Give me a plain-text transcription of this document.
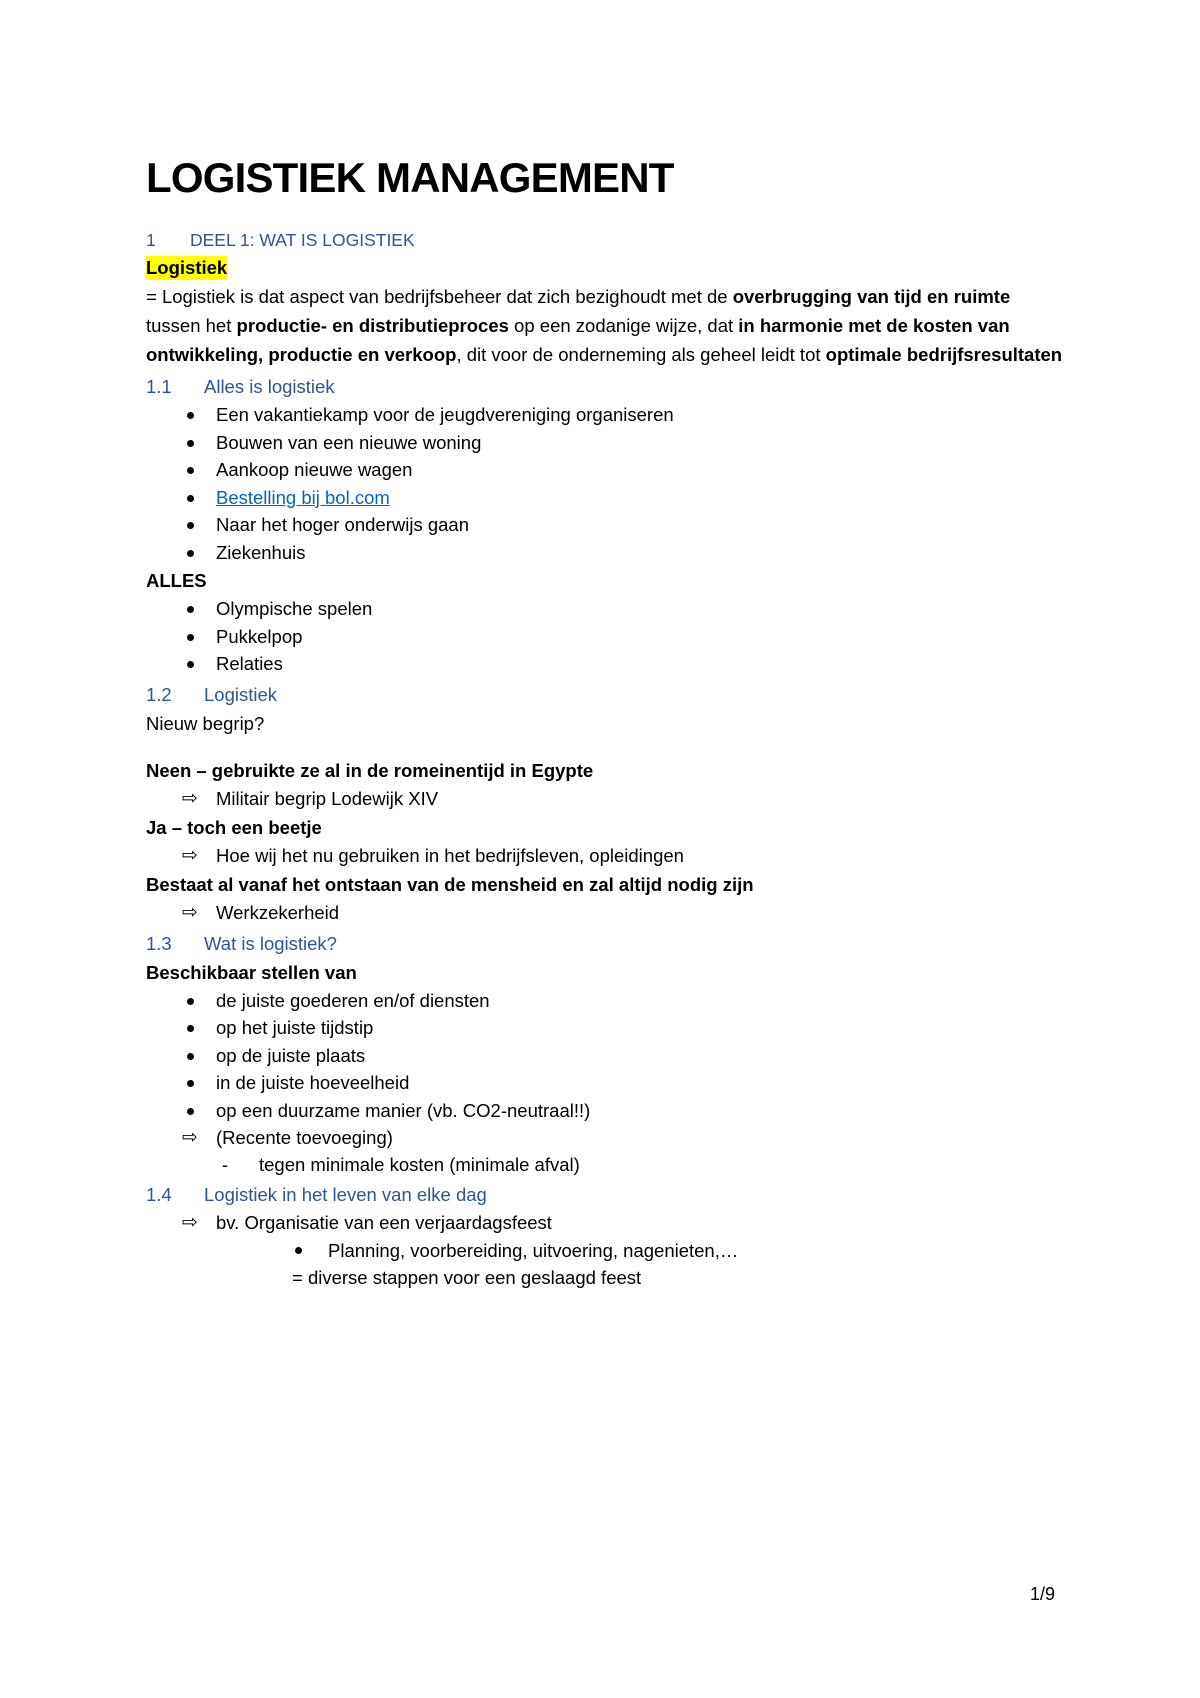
LOGISTIEK MANAGEMENT
1	DEEL 1: WAT IS LOGISTIEK
Logistiek
= Logistiek is dat aspect van bedrijfsbeheer dat zich bezighoudt met de overbrugging van tijd en ruimte tussen het productie- en distributieproces op een zodanige wijze, dat in harmonie met de kosten van ontwikkeling, productie en verkoop, dit voor de onderneming als geheel leidt tot optimale bedrijfsresultaten
1.1	Alles is logistiek
Een vakantiekamp voor de jeugdvereniging organiseren
Bouwen van een nieuwe woning
Aankoop nieuwe wagen
Bestelling bij bol.com
Naar het hoger onderwijs gaan
Ziekenhuis
ALLES
Olympische spelen
Pukkelpop
Relaties
1.2	Logistiek
Nieuw begrip?
Neen – gebruikte ze al in de romeinentijd in Egypte
⇨ Militair begrip Lodewijk XIV
Ja – toch een beetje
⇨ Hoe wij het nu gebruiken in het bedrijfsleven, opleidingen
Bestaat al vanaf het ontstaan van de mensheid en zal altijd nodig zijn
⇨ Werkzekerheid
1.3	Wat is logistiek?
Beschikbaar stellen van
de juiste goederen en/of diensten
op het juiste tijdstip
op de juiste plaats
in de juiste hoeveelheid
op een duurzame manier (vb. CO2-neutraal!!)
⇨ (Recente toevoeging)
- tegen minimale kosten (minimale afval)
1.4	Logistiek in het leven van elke dag
⇨ bv. Organisatie van een verjaardagsfeest
Planning, voorbereiding, uitvoering, nagenieten,…
= diverse stappen voor een geslaagd feest
1/9
